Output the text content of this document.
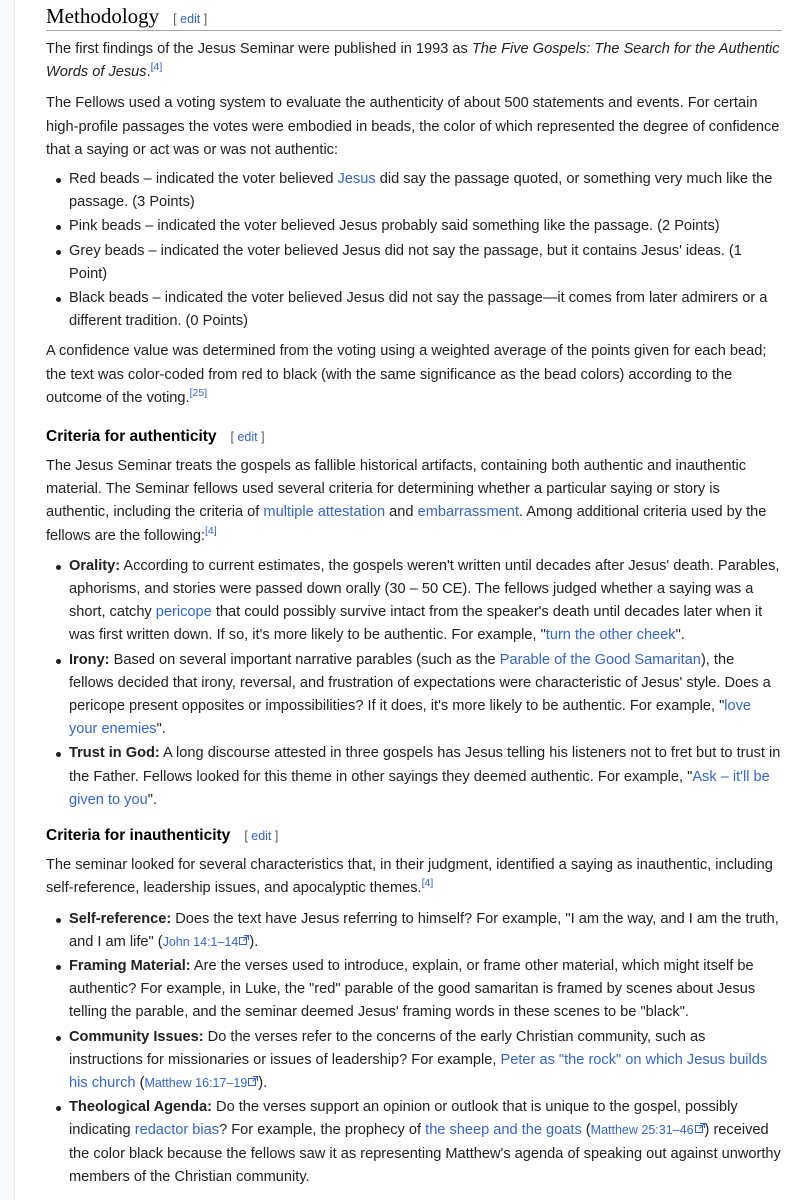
Methodology [ edit ]

The first findings of the Jesus Seminar were published in 1993 as The Five Gospels: The Search for the Authentic Words of Jesus.[4]

The Fellows used a voting system to evaluate the authenticity of about 500 statements and events. For certain high-profile passages the votes were embodied in beads, the color of which represented the degree of confidence that a saying or act was or was not authentic:

Red beads – indicated the voter believed Jesus did say the passage quoted, or something very much like the passage. (3 Points)
Pink beads – indicated the voter believed Jesus probably said something like the passage. (2 Points)
Grey beads – indicated the voter believed Jesus did not say the passage, but it contains Jesus' ideas. (1 Point)
Black beads – indicated the voter believed Jesus did not say the passage—it comes from later admirers or a different tradition. (0 Points)

A confidence value was determined from the voting using a weighted average of the points given for each bead; the text was color-coded from red to black (with the same significance as the bead colors) according to the outcome of the voting.[25]

Criteria for authenticity [ edit ]

The Jesus Seminar treats the gospels as fallible historical artifacts, containing both authentic and inauthentic material. The Seminar fellows used several criteria for determining whether a particular saying or story is authentic, including the criteria of multiple attestation and embarrassment. Among additional criteria used by the fellows are the following:[4]

Orality: According to current estimates, the gospels weren't written until decades after Jesus' death. Parables, aphorisms, and stories were passed down orally (30 – 50 CE). The fellows judged whether a saying was a short, catchy pericope that could possibly survive intact from the speaker's death until decades later when it was first written down. If so, it's more likely to be authentic. For example, "turn the other cheek".
Irony: Based on several important narrative parables (such as the Parable of the Good Samaritan), the fellows decided that irony, reversal, and frustration of expectations were characteristic of Jesus' style. Does a pericope present opposites or impossibilities? If it does, it's more likely to be authentic. For example, "love your enemies".
Trust in God: A long discourse attested in three gospels has Jesus telling his listeners not to fret but to trust in the Father. Fellows looked for this theme in other sayings they deemed authentic. For example, "Ask – it'll be given to you".
Criteria for inauthenticity [ edit ]

The seminar looked for several characteristics that, in their judgment, identified a saying as inauthentic, including self-reference, leadership issues, and apocalyptic themes.[4]

Self-reference: Does the text have Jesus referring to himself? For example, "I am the way, and I am the truth, and I am life" (John 14:1–14 ).
Framing Material: Are the verses used to introduce, explain, or frame other material, which might itself be authentic? For example, in Luke, the "red" parable of the good samaritan is framed by scenes about Jesus telling the parable, and the seminar deemed Jesus' framing words in these scenes to be "black".
Community Issues: Do the verses refer to the concerns of the early Christian community, such as instructions for missionaries or issues of leadership? For example, Peter as "the rock" on which Jesus builds his church (Matthew 16:17–19 ).
Theological Agenda: Do the verses support an opinion or outlook that is unique to the gospel, possibly indicating redactor bias? For example, the prophecy of the sheep and the goats (Matthew 25:31–46 ) received the color black because the fellows saw it as representing Matthew's agenda of speaking out against unworthy members of the Christian community.
